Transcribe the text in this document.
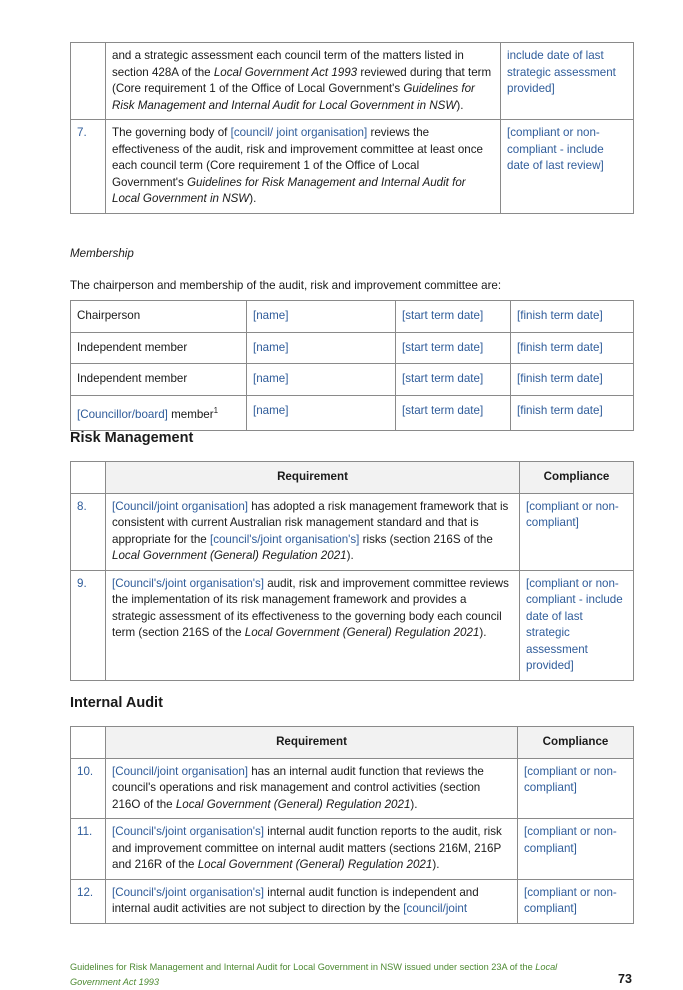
	and a strategic assessment each council term of the matters listed in section 428A of the Local Government Act 1993 reviewed during that term (Core requirement 1 of the Office of Local Government's Guidelines for Risk Management and Internal Audit for Local Government in NSW).	include date of last strategic assessment provided]
7.	The governing body of [council/ joint organisation] reviews the effectiveness of the audit, risk and improvement committee at least once each council term (Core requirement 1 of the Office of Local Government's Guidelines for Risk Management and Internal Audit for Local Government in NSW).	[compliant or non-compliant - include date of last review]

Membership

The chairperson and membership of the audit, risk and improvement committee are:

Chairperson	[name]	[start term date]	[finish term date]
Independent member	[name]	[start term date]	[finish term date]
Independent member	[name]	[start term date]	[finish term date]
[Councillor/board] member$^1$	[name]	[start term date]	[finish term date]
Risk Management
	Requirement	Compliance
8.	[Council/joint organisation] has adopted a risk management framework that is consistent with current Australian risk management standard and that is appropriate for the [council's/joint organisation's] risks (section 216S of the Local Government (General) Regulation 2021).	[compliant or non-compliant]
9.	[Council's/joint organisation's] audit, risk and improvement committee reviews the implementation of its risk management framework and provides a strategic assessment of its effectiveness to the governing body each council term (section 216S of the Local Government (General) Regulation 2021).	[compliant or non-compliant - include date of last strategic assessment provided]
Internal Audit
	Requirement	Compliance
10.	[Council/joint organisation] has an internal audit function that reviews the council's operations and risk management and control activities (section 216O of the Local Government (General) Regulation 2021).	[compliant or non-compliant]
11.	[Council's/joint organisation's] internal audit function reports to the audit, risk and improvement committee on internal audit matters (sections 216M, 216P and 216R of the Local Government (General) Regulation 2021).	[compliant or non-compliant]
12.	[Council's/joint organisation's] internal audit function is independent and internal audit activities are not subject to direction by the [council/joint	[compliant or non-compliant]
Guidelines for Risk Management and Internal Audit for Local Government in NSW issued under section 23A of the Local Government Act 1993	73
